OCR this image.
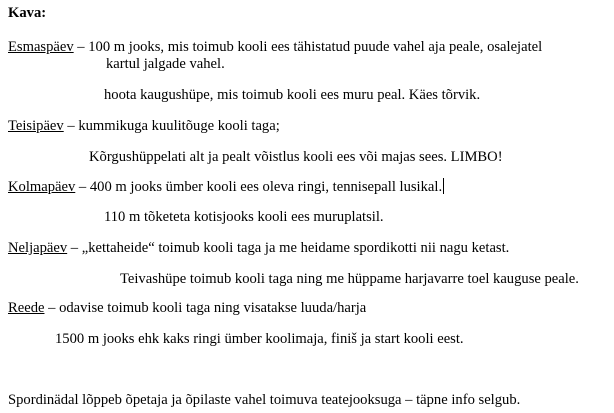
Kava:

Esmaspäev – 100 m jooks, mis toimub kooli ees tähistatud puude vahel aja peale, osalejatel

kartul jalgade vahel.

hoota kaugushüpe, mis toimub kooli ees muru peal. Käes tõrvik.

Teisipäev – kummikuga kuulitõuge kooli taga;

Kõrgushüppelati alt ja pealt võistlus kooli ees või majas sees. LIMBO!

Kolmapäev – 400 m jooks ümber kooli ees oleva ringi, tennisepall lusikal.

110 m tõketeta kotisjooks kooli ees muruplatsil.

Neljapäev – „kettaheide“ toimub kooli taga ja me heidame spordikotti nii nagu ketast.

Teivashüpe toimub kooli taga ning me hüppame harjavarre toel kauguse peale.

Reede – odavise toimub kooli taga ning visatakse luuda/harja

1500 m jooks ehk kaks ringi ümber koolimaja, finiš ja start kooli eest.

Spordinädal lõppeb õpetaja ja õpilaste vahel toimuva teatejooksuga – täpne info selgub.
